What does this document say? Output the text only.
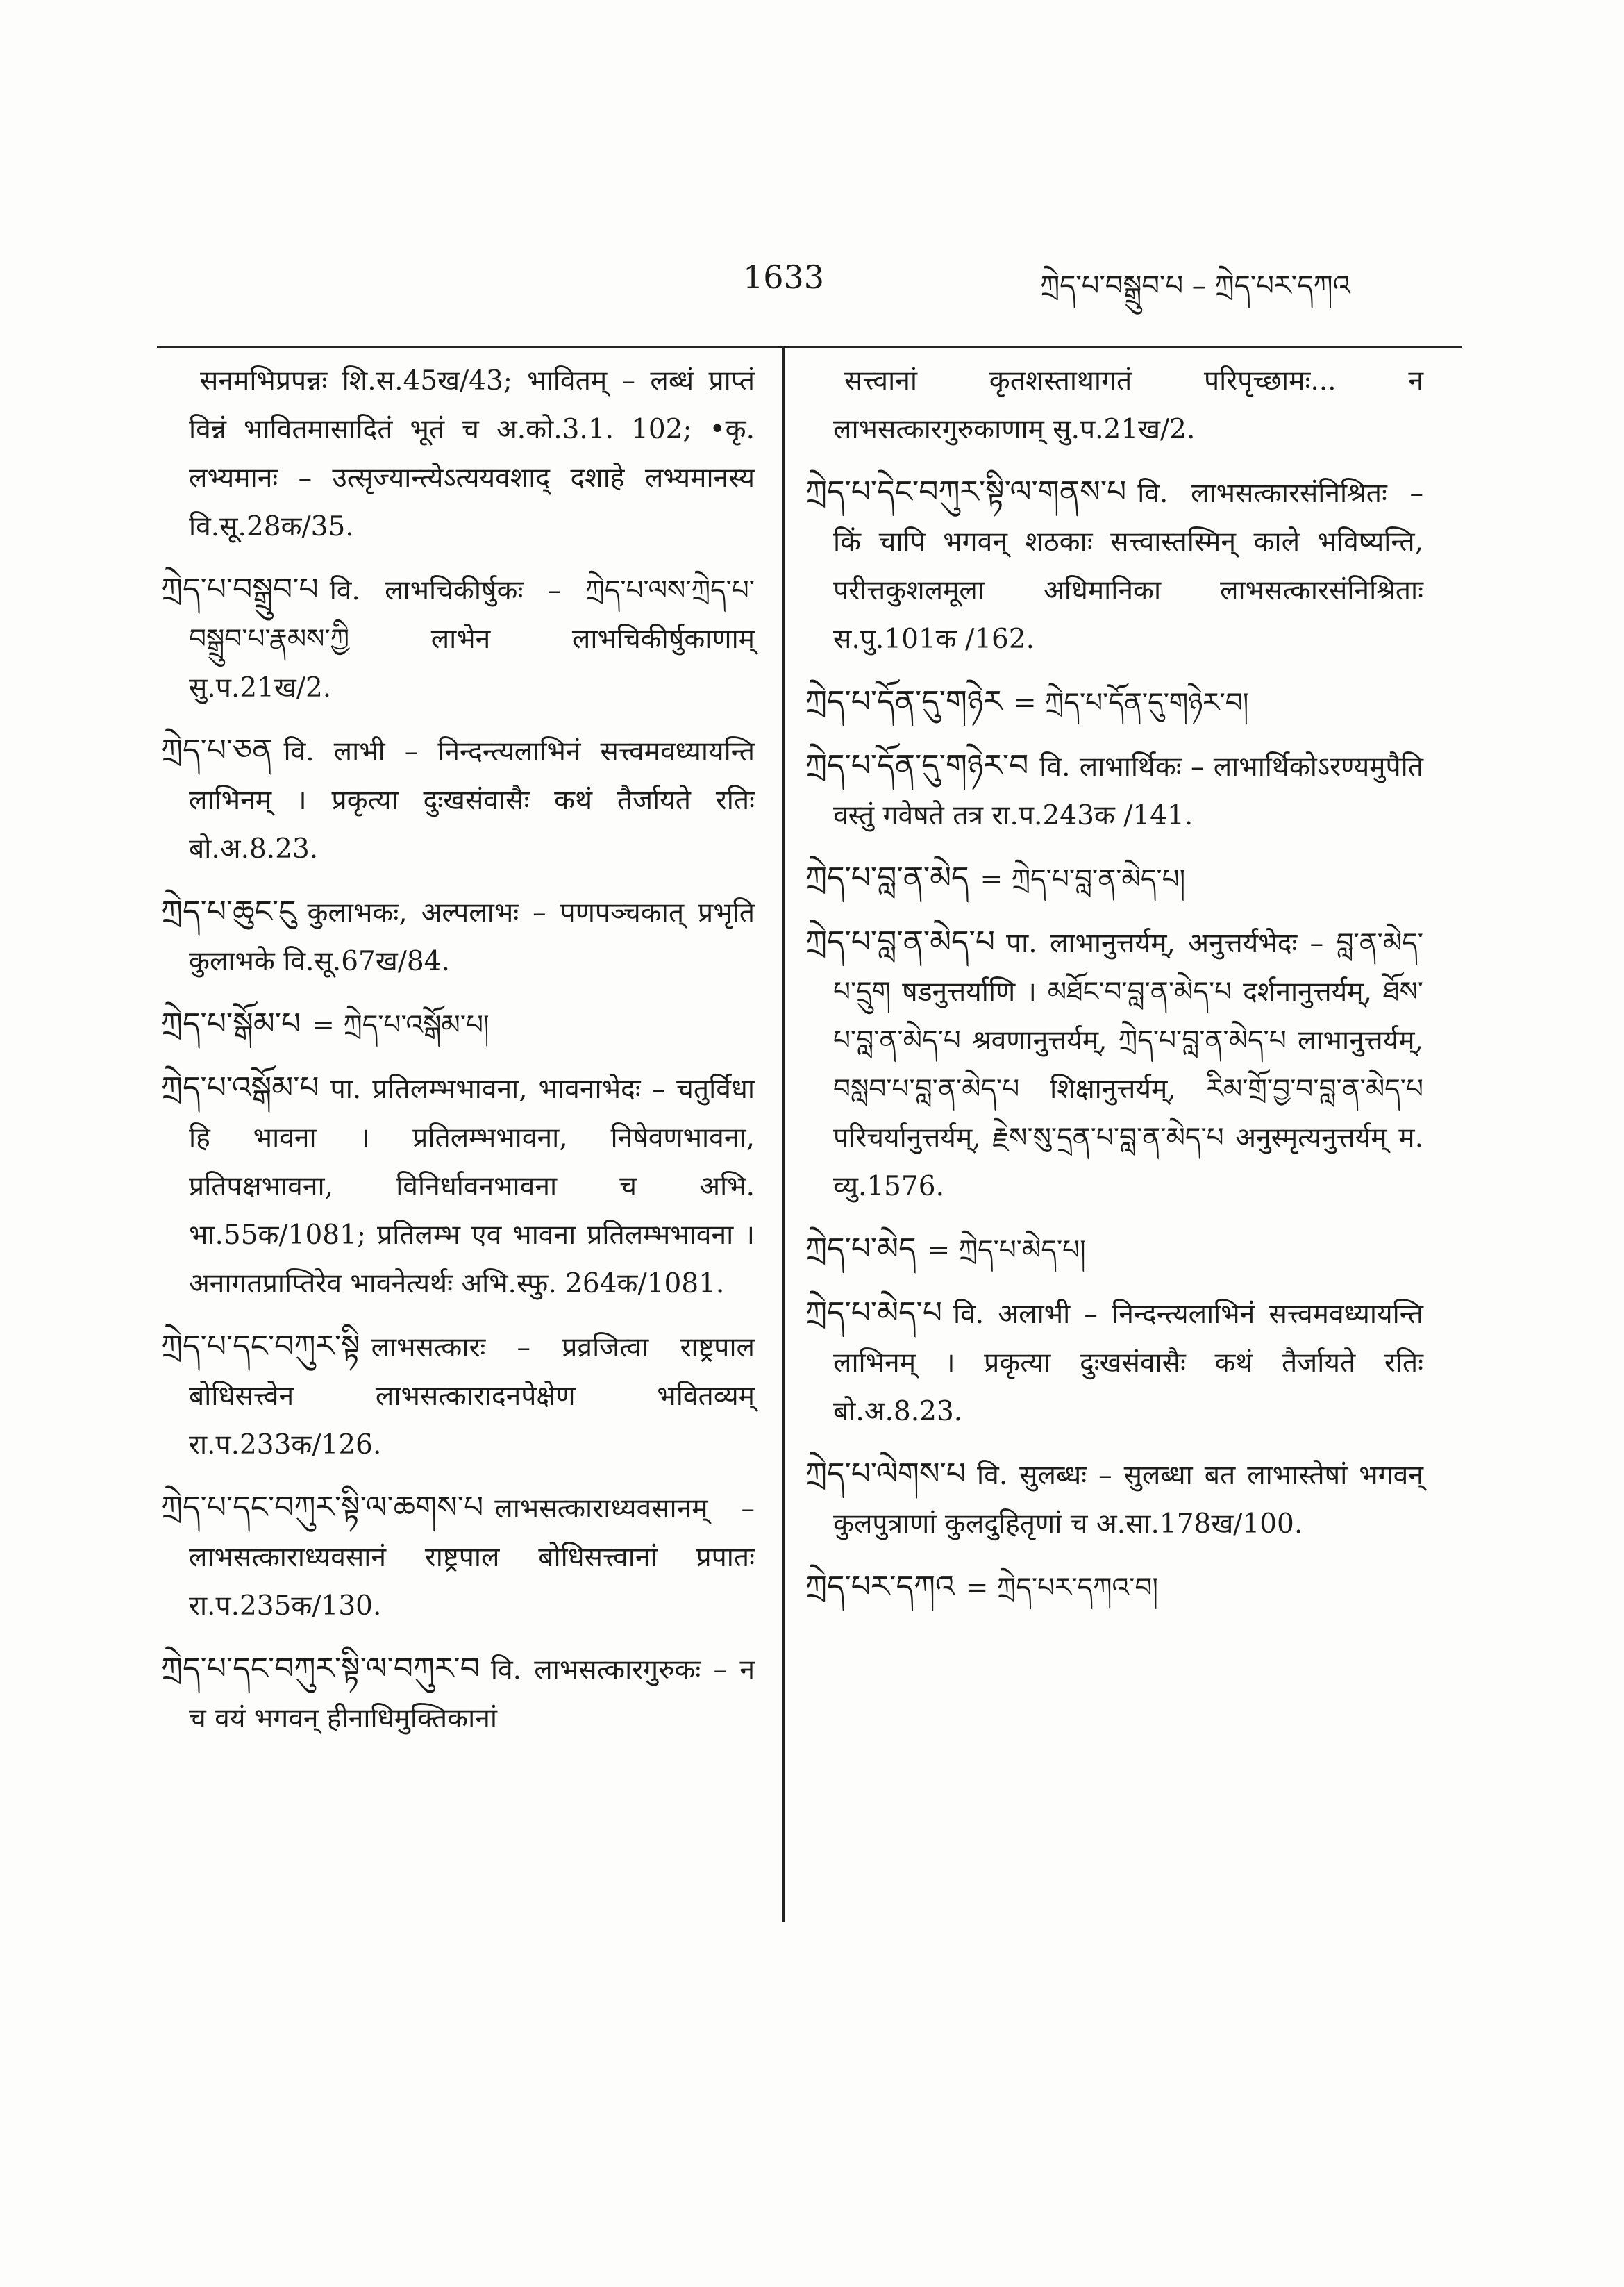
1633	ཀྲེད་པ་བསྒྲུབ་པ – ཀྲེད་པར་དཀའ

सनमभिप्रपन्नः शि.स.45ख/43; भावितम् – लब्धं प्राप्तं विन्नं भावितमासादितं भूतं च अ.को.3.1. 102; •कृ. लभ्यमानः – उत्सृज्यान्त्येऽत्ययवशाद् दशाहे लभ्यमानस्य वि.सू.28क/35.

ཀྲེད་པ་བསྒྲུབ་པ वि. लाभचिकीर्षुकः – ཀྲེད་པ་ལས་ཀྲེད་པ་བསྒྲུབ་པ་རྣམས་ཀྱི लाभेन लाभचिकीर्षुकाणाम् सु.प.21ख/2.

ཀྲེད་པ་ཅན वि. लाभी – निन्दन्त्यलाभिनं सत्त्वमवध्यायन्ति लाभिनम् । प्रकृत्या दुःखसंवासैः कथं तैर्जायते रतिः बो.अ.8.23.

ཀྲེད་པ་ཆུང་ངུ कुलाभकः, अल्पलाभः – पणपञ्चकात् प्रभृति कुलाभके वि.सू.67ख/84.

ཀྲེད་པ་སྒོམ་པ = ཀྲེད་པ་འསྒོམ་པ།

ཀྲེད་པ་འསྒོམ་པ पा. प्रतिलम्भभावना, भावनाभेदः – चतुर्विधा हि भावना । प्रतिलम्भभावना, निषेवणभावना, प्रतिपक्षभावना, विनिर्धावनभावना च अभि. भा.55क/1081; प्रतिलम्भ एव भावना प्रतिलम्भभावना । अनागतप्राप्तिरेव भावनेत्यर्थः अभि.स्फु. 264क/1081.

ཀྲེད་པ་དང་བཀུར་སྟི लाभसत्कारः – प्रव्रजित्वा राष्ट्रपाल बोधिसत्त्वेन लाभसत्कारादनपेक्षेण भवितव्यम् रा.प.233क/126.

ཀྲེད་པ་དང་བཀུར་སྟི་ལ་ཆགས་པ लाभसत्काराध्यवसानम् – लाभसत्काराध्यवसानं राष्ट्रपाल बोधिसत्त्वानां प्रपातः रा.प.235क/130.

ཀྲེད་པ་དང་བཀུར་སྟི་ལ་བཀུར་བ वि. लाभसत्कारगुरुकः – न च वयं भगवन् हीनाधिमुक्तिकानां

सत्त्वानां कृतशस्ताथागतं परिपृच्छामः... न लाभसत्कारगुरुकाणाम् सु.प.21ख/2.

ཀྲེད་པ་དེང་བཀུར་སྟི་ལ་གནས་པ वि. लाभसत्कारसंनिश्रितः – किं चापि भगवन् शठकाः सत्त्वास्तस्मिन् काले भविष्यन्ति, परीत्तकुशलमूला अधिमानिका लाभसत्कारसंनिश्रिताः स.पु.101क /162.

ཀྲེད་པ་དོན་དུ་གཉེར = ཀྲེད་པ་དོན་དུ་གཉེར་བ།

ཀྲེད་པ་དོན་དུ་གཉེར་བ वि. लाभार्थिकः – लाभार्थिकोऽरण्यमुपैति वस्तुं गवेषते तत्र रा.प.243क /141.

ཀྲེད་པ་བླ་ན་མེད = ཀྲེད་པ་བླ་ན་མེད་པ།

ཀྲེད་པ་བླ་ན་མེད་པ पा. लाभानुत्तर्यम्, अनुत्तर्यभेदः – བླ་ན་མེད་པ་དྲུག षडनुत्तर्याणि । མཐོང་བ་བླ་ན་མེད་པ दर्शनानुत्तर्यम्, ཐོས་པ་བླ་ན་མེད་པ श्रवणानुत्तर्यम्, ཀྲེད་པ་བླ་ན་མེད་པ लाभानुत्तर्यम्, བསླབ་པ་བླ་ན་མེད་པ शिक्षानुत्तर्यम्, རིམ་གྲོ་བྱ་བ་བླ་ན་མེད་པ परिचर्यानुत्तर्यम्, རྗེས་སུ་དྲན་པ་བླ་ན་མེད་པ अनुस्मृत्यनुत्तर्यम् म. व्यु.1576.

ཀྲེད་པ་མེད = ཀྲེད་པ་མེད་པ།

ཀྲེད་པ་མེད་པ वि. अलाभी – निन्दन्त्यलाभिनं सत्त्वमवध्यायन्ति लाभिनम् । प्रकृत्या दुःखसंवासैः कथं तैर्जायते रतिः बो.अ.8.23.

ཀྲེད་པ་ལེགས་པ वि. सुलब्धः – सुलब्धा बत लाभास्तेषां भगवन् कुलपुत्राणां कुलदुहितृणां च अ.सा.178ख/100.

ཀྲེད་པར་དཀའ = ཀྲེད་པར་དཀའ་བ།
